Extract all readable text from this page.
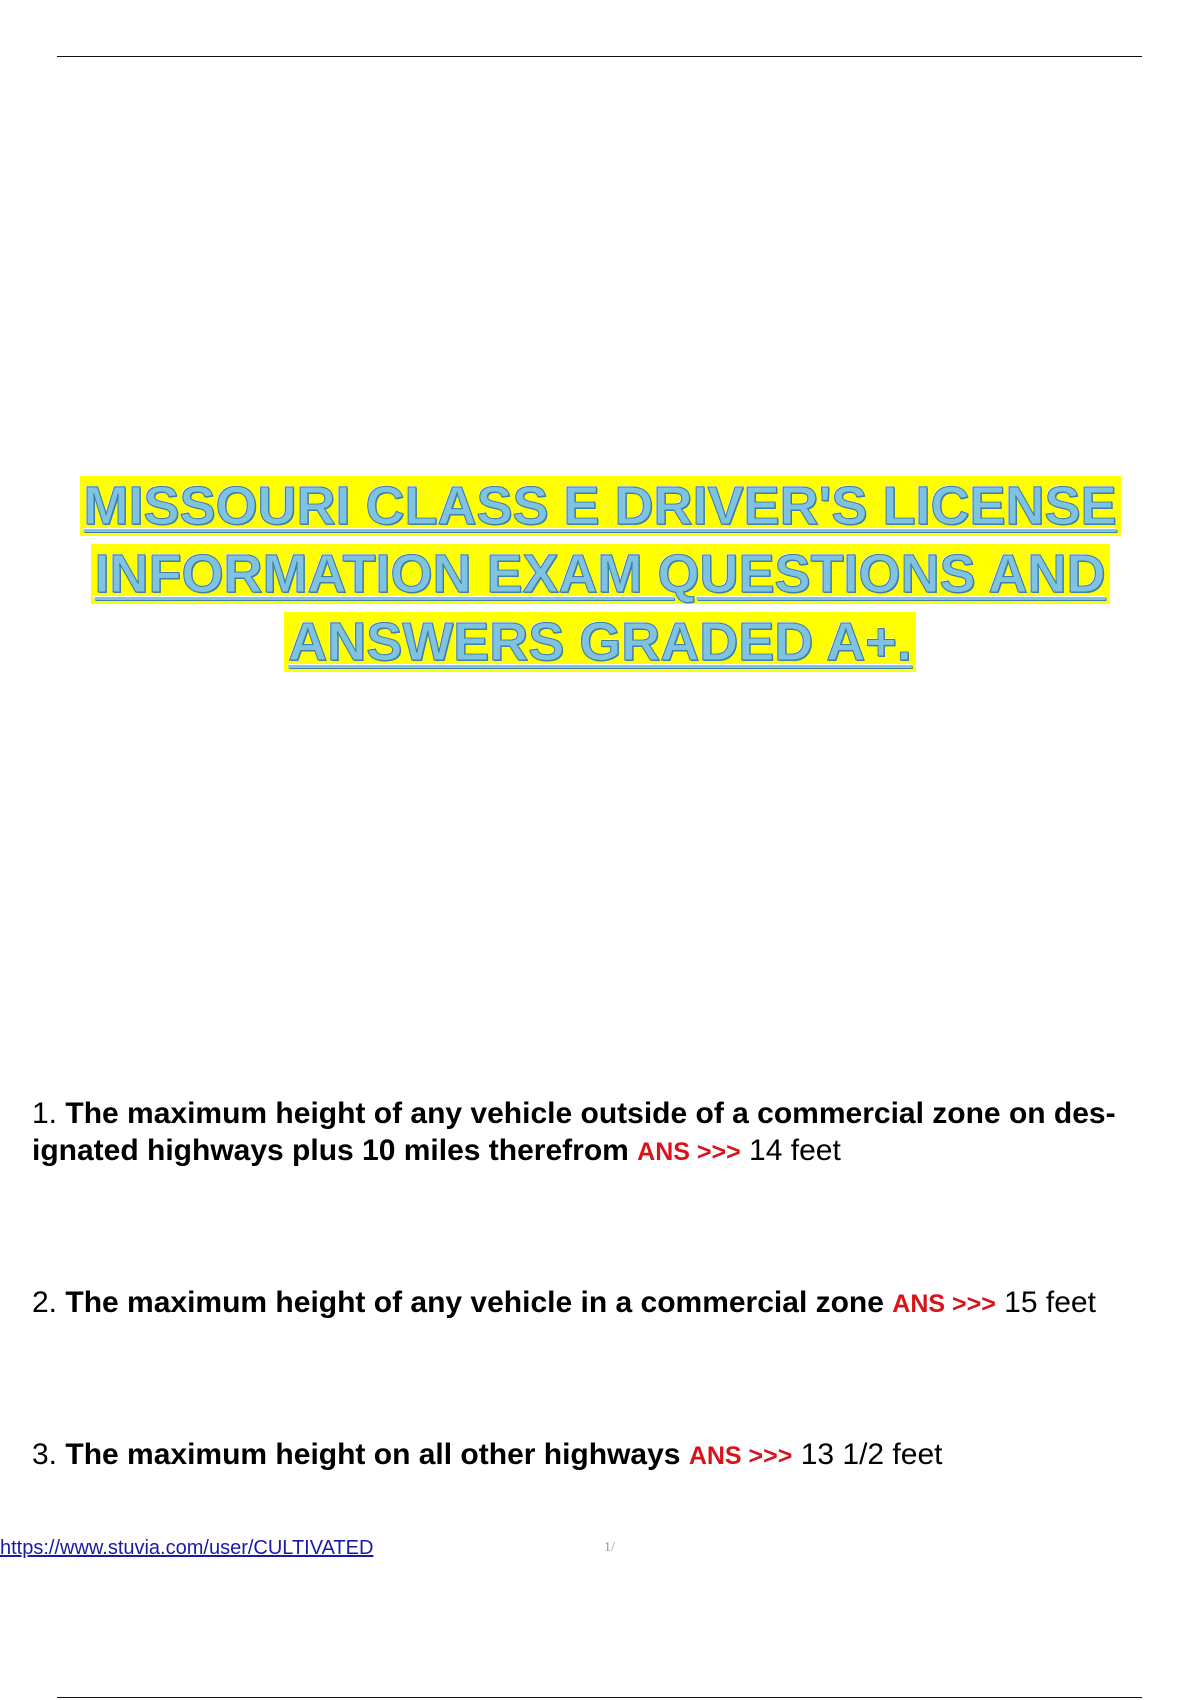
MISSOURI CLASS E DRIVER'S LICENSE
INFORMATION EXAM QUESTIONS AND
ANSWERS GRADED A+.
1. The maximum height of any vehicle outside of a commercial zone on des-ignated highways plus 10 miles therefrom ANS >>> 14 feet
2. The maximum height of any vehicle in a commercial zone ANS >>> 15 feet
3. The maximum height on all other highways ANS >>> 13 1/2 feet
https://www.stuvia.com/user/CULTIVATED	1/
